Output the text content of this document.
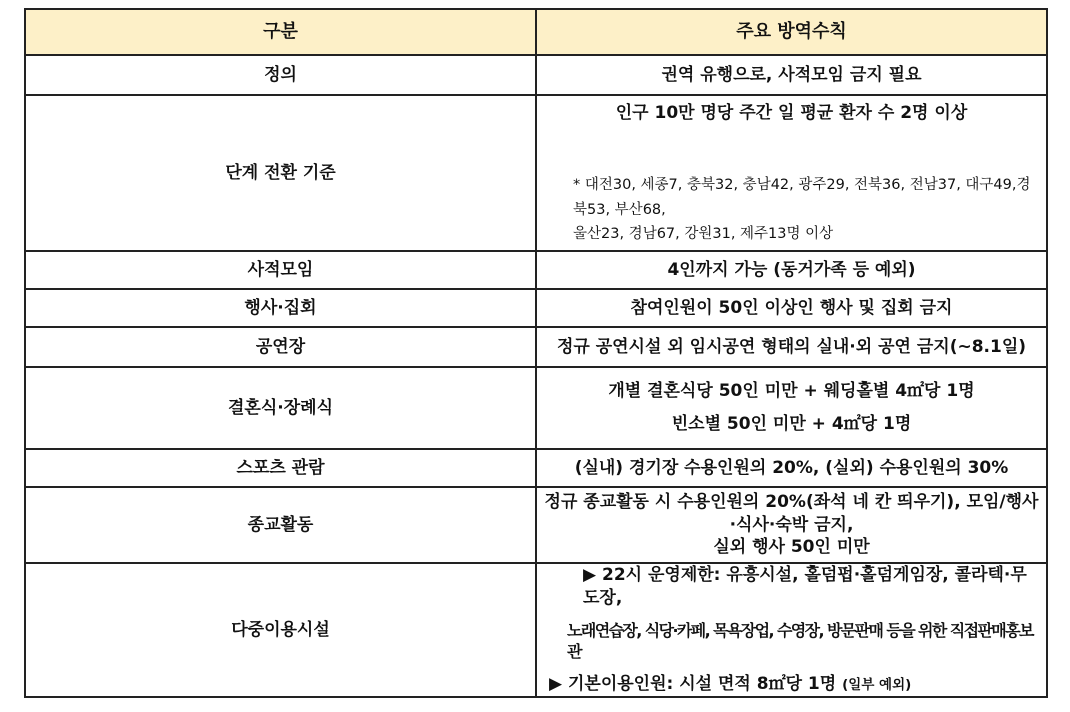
구분	주요 방역수칙
정의	권역 유행으로, 사적모임 금지 필요
단계 전환 기준	인구 10만 명당 주간 일 평균 환자 수 2명 이상
* 대전30, 세종7, 충북32, 충남42, 광주29, 전북36, 전남37, 대구49,경북53, 부산68,
울산23, 경남67, 강원31, 제주13명 이상

사적모임	4인까지 가능 (동거가족 등 예외)
행사·집회	참여인원이 50인 이상인 행사 및 집회 금지
공연장	정규 공연시설 외 임시공연 형태의 실내·외 공연 금지(~8.1일)
결혼식·장례식	개별 결혼식당 50인 미만 + 웨딩홀별 4㎡당 1명
빈소별 50인 미만 + 4㎡당 1명

스포츠 관람	(실내) 경기장 수용인원의 20%, (실외) 수용인원의 30%
종교활동	정규 종교활동 시 수용인원의 20%(좌석 네 칸 띄우기), 모임/행사·식사·숙박 금지,
실외 행사 50인 미만

다중이용시설	▶ 22시 운영제한: 유흥시설, 홀덤펍·홀덤게임장, 콜라텍·무도장,
노래연습장, 식당·카페, 목욕장업, 수영장, 방문판매 등을 위한 직접판매홍보관
▶ 기본이용인원: 시설 면적 8㎡당 1명 (일부 예외)
